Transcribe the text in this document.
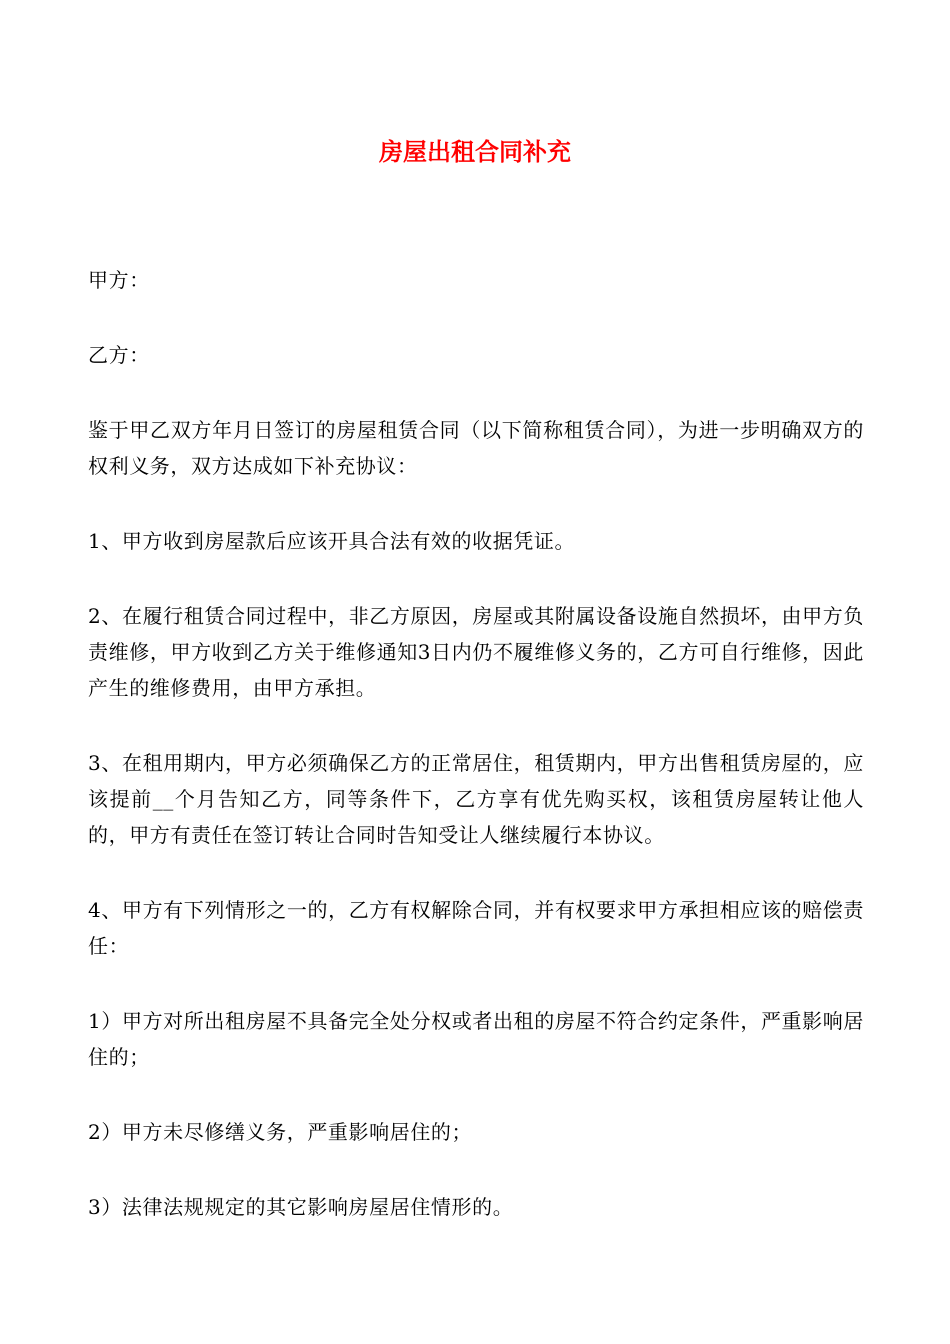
房屋出租合同补充

甲方：

乙方：

鉴于甲乙双方年月日签订的房屋租赁合同（以下简称租赁合同），为进一步明确双方的权利义务，双方达成如下补充协议：

1、甲方收到房屋款后应该开具合法有效的收据凭证。

2、在履行租赁合同过程中，非乙方原因，房屋或其附属设备设施自然损坏，由甲方负责维修，甲方收到乙方关于维修通知3日内仍不履维修义务的，乙方可自行维修，因此产生的维修费用，由甲方承担。

3、在租用期内，甲方必须确保乙方的正常居住，租赁期内，甲方出售租赁房屋的，应该提前__个月告知乙方，同等条件下，乙方享有优先购买权，该租赁房屋转让他人的，甲方有责任在签订转让合同时告知受让人继续履行本协议。

4、甲方有下列情形之一的，乙方有权解除合同，并有权要求甲方承担相应该的赔偿责任：

1）甲方对所出租房屋不具备完全处分权或者出租的房屋不符合约定条件，严重影响居住的；

2）甲方未尽修缮义务，严重影响居住的；

3）法律法规规定的其它影响房屋居住情形的。
